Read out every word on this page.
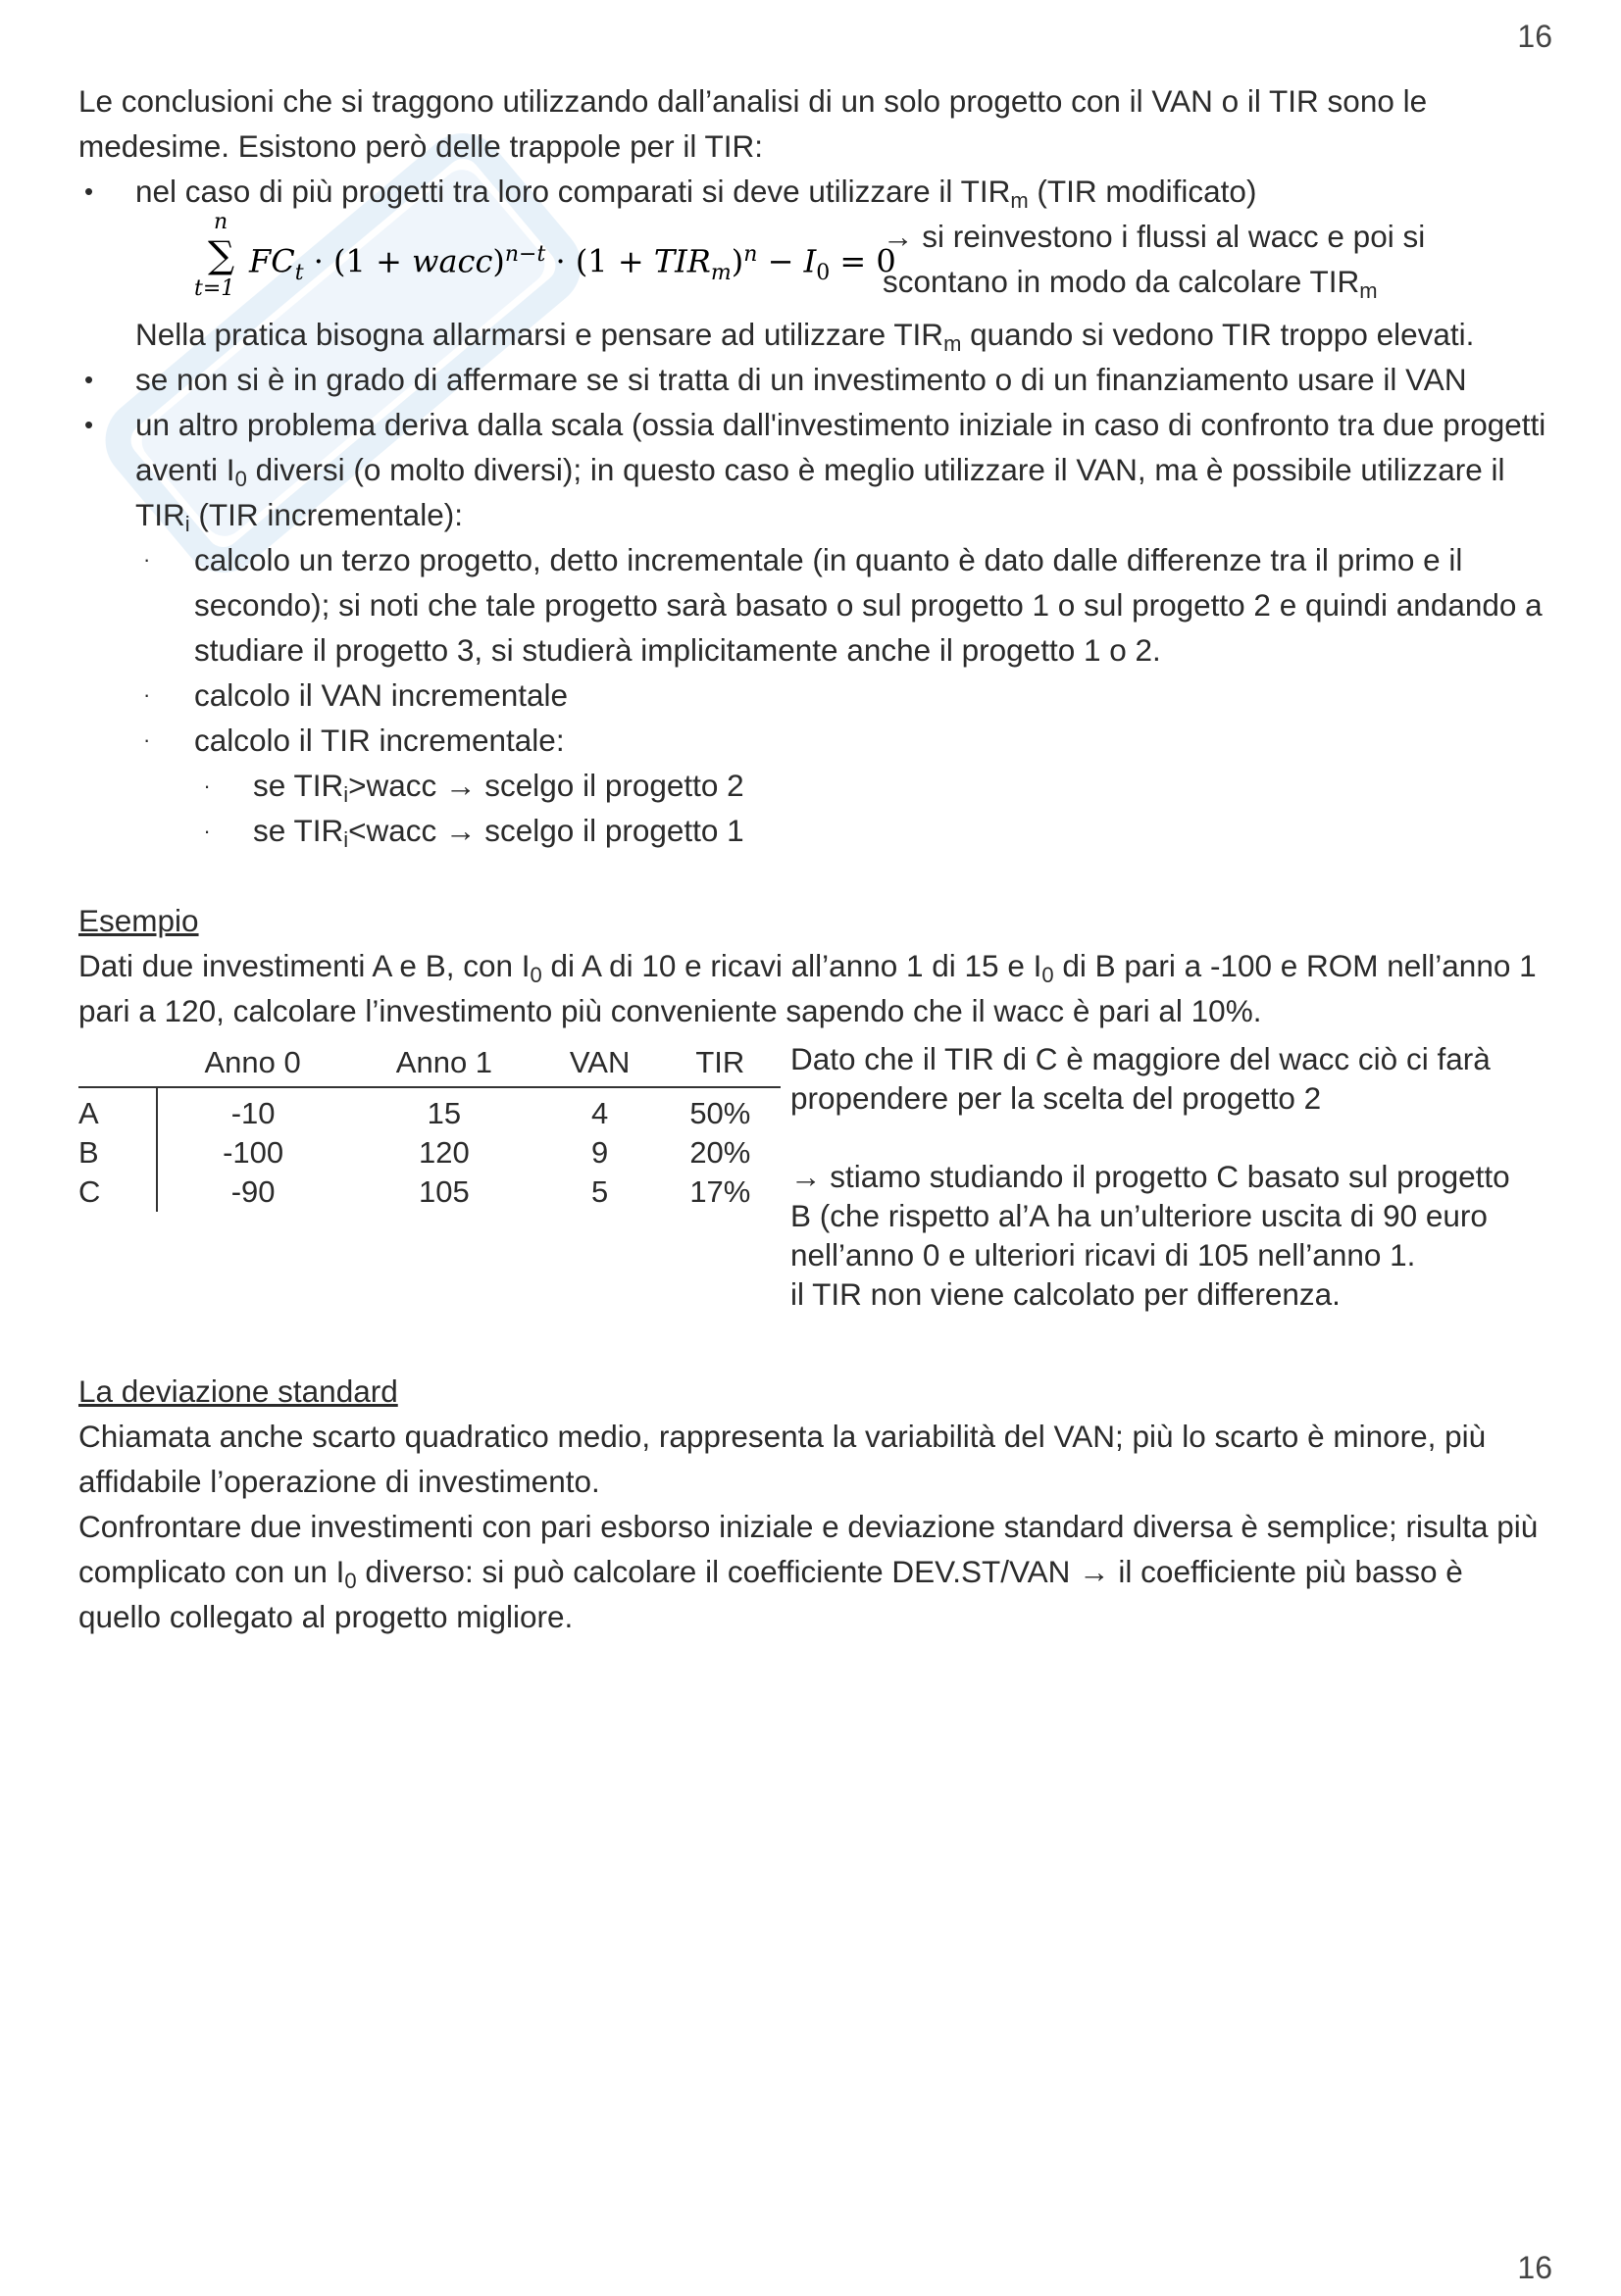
16

Le conclusioni che si traggono utilizzando dall’analisi di un solo progetto con il VAN o il TIR sono le medesime. Esistono però delle trappole per il TIR:

• nel caso di più progetti tra loro comparati si deve utilizzare il $TIR_m$ (TIR modificato)
n
∑
t=1
$FC_t \cdot (1$ + wacc)$^{n-t}$ · $(1 + TIR_m)^n - I_0 = 0$
→ si reinvestono i flussi al wacc e poi si
scontano in modo da calcolare $TIR_m$

Nella pratica bisogna allarmarsi e pensare ad utilizzare $TIR_m$ quando si vedono TIR troppo elevati.

• se non si è in grado di affermare se si tratta di un investimento o di un finanziamento usare il VAN
• un altro problema deriva dalla scala (ossia dall'investimento iniziale in caso di confronto tra due progetti aventi $I_0$ diversi (o molto diversi); in questo caso è meglio utilizzare il VAN, ma è possibile utilizzare il $TIR_i$ (TIR incrementale):
· calcolo un terzo progetto, detto incrementale (in quanto è dato dalle differenze tra il primo e il secondo); si noti che tale progetto sarà basato o sul progetto 1 o sul progetto 2 e quindi andando a studiare il progetto 3, si studierà implicitamente anche il progetto 1 o 2.
· calcolo il VAN incrementale
· calcolo il TIR incrementale:
. se $TIR_i>wacc \to scelgo$ il progetto 2
. se $TIR_i<wacc \to scelgo$ il progetto 1

Esempio

Dati due investimenti A e B, con $I_0$ di A di 10 e ricavi all’anno 1 di 15 e $I_0$ di B pari a -100 e ROM nell’anno 1 pari a 120, calcolare l’investimento più conveniente sapendo che il wacc è pari al 10%.

	Anno 0	Anno 1	VAN	TIR
A	-10	15	4	50%
B	-100	120	9	20%
C	-90	105	5	17%
Dato che il TIR di C è maggiore del wacc ciò ci farà propendere per la scelta del progetto 2
→ stiamo studiando il progetto C basato sul progetto B (che rispetto al’A ha un’ulteriore uscita di 90 euro nell’anno 0 e ulteriori ricavi di 105 nell’anno 1.
il TIR non viene calcolato per differenza.

La deviazione standard

Chiamata anche scarto quadratico medio, rappresenta la variabilità del VAN; più lo scarto è minore, più affidabile l’operazione di investimento.

Confrontare due investimenti con pari esborso iniziale e deviazione standard diversa è semplice; risulta più complicato con un $I_0$ diverso: si può calcolare il coefficiente DEV.ST/VAN → il coefficiente più basso è quello collegato al progetto migliore.

16
